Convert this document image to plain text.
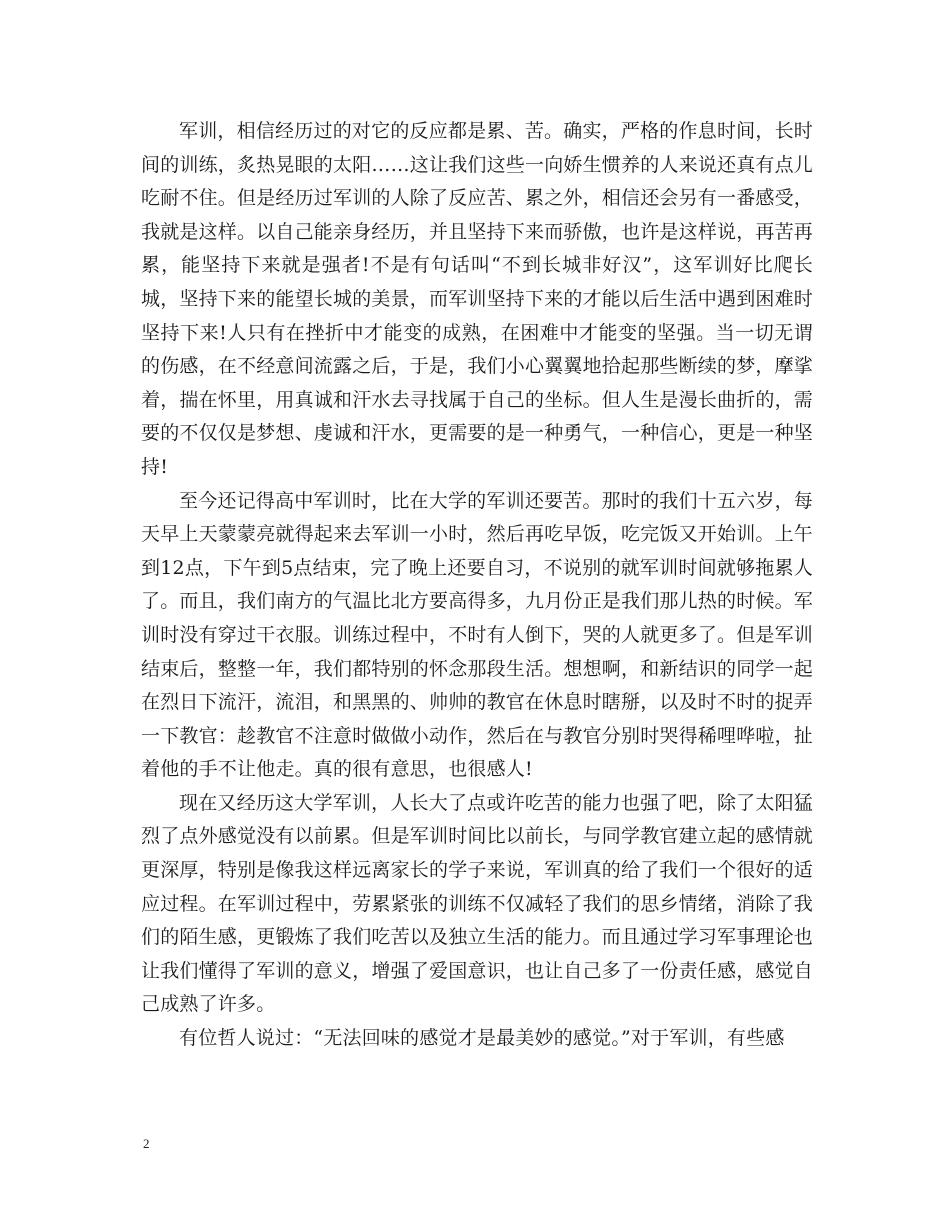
军训，相信经历过的对它的反应都是累、苦。确实，严格的作息时间，长时间的训练，炙热晃眼的太阳……这让我们这些一向娇生惯养的人来说还真有点儿吃耐不住。但是经历过军训的人除了反应苦、累之外，相信还会另有一番感受，我就是这样。以自己能亲身经历，并且坚持下来而骄傲，也许是这样说，再苦再累，能坚持下来就是强者!不是有句话叫“不到长城非好汉”，这军训好比爬长城，坚持下来的能望长城的美景，而军训坚持下来的才能以后生活中遇到困难时坚持下来!人只有在挫折中才能变的成熟，在困难中才能变的坚强。当一切无谓的伤感，在不经意间流露之后，于是，我们小心翼翼地拾起那些断续的梦，摩挲着，揣在怀里，用真诚和汗水去寻找属于自己的坐标。但人生是漫长曲折的，需要的不仅仅是梦想、虔诚和汗水，更需要的是一种勇气，一种信心，更是一种坚持!

至今还记得高中军训时，比在大学的军训还要苦。那时的我们十五六岁，每天早上天蒙蒙亮就得起来去军训一小时，然后再吃早饭，吃完饭又开始训。上午到12点，下午到5点结束，完了晚上还要自习，不说别的就军训时间就够拖累人了。而且，我们南方的气温比北方要高得多，九月份正是我们那儿热的时候。军训时没有穿过干衣服。训练过程中，不时有人倒下，哭的人就更多了。但是军训结束后，整整一年，我们都特别的怀念那段生活。想想啊，和新结识的同学一起在烈日下流汗，流泪，和黑黑的、帅帅的教官在休息时瞎掰，以及时不时的捉弄一下教官：趁教官不注意时做做小动作，然后在与教官分别时哭得稀哩哗啦，扯着他的手不让他走。真的很有意思，也很感人!

现在又经历这大学军训，人长大了点或许吃苦的能力也强了吧，除了太阳猛烈了点外感觉没有以前累。但是军训时间比以前长，与同学教官建立起的感情就更深厚，特别是像我这样远离家长的学子来说，军训真的给了我们一个很好的适应过程。在军训过程中，劳累紧张的训练不仅减轻了我们的思乡情绪，消除了我们的陌生感，更锻炼了我们吃苦以及独立生活的能力。而且通过学习军事理论也让我们懂得了军训的意义，增强了爱国意识，也让自己多了一份责任感，感觉自己成熟了许多。

有位哲人说过：“无法回味的感觉才是最美妙的感觉。”对于军训，有些感

2
